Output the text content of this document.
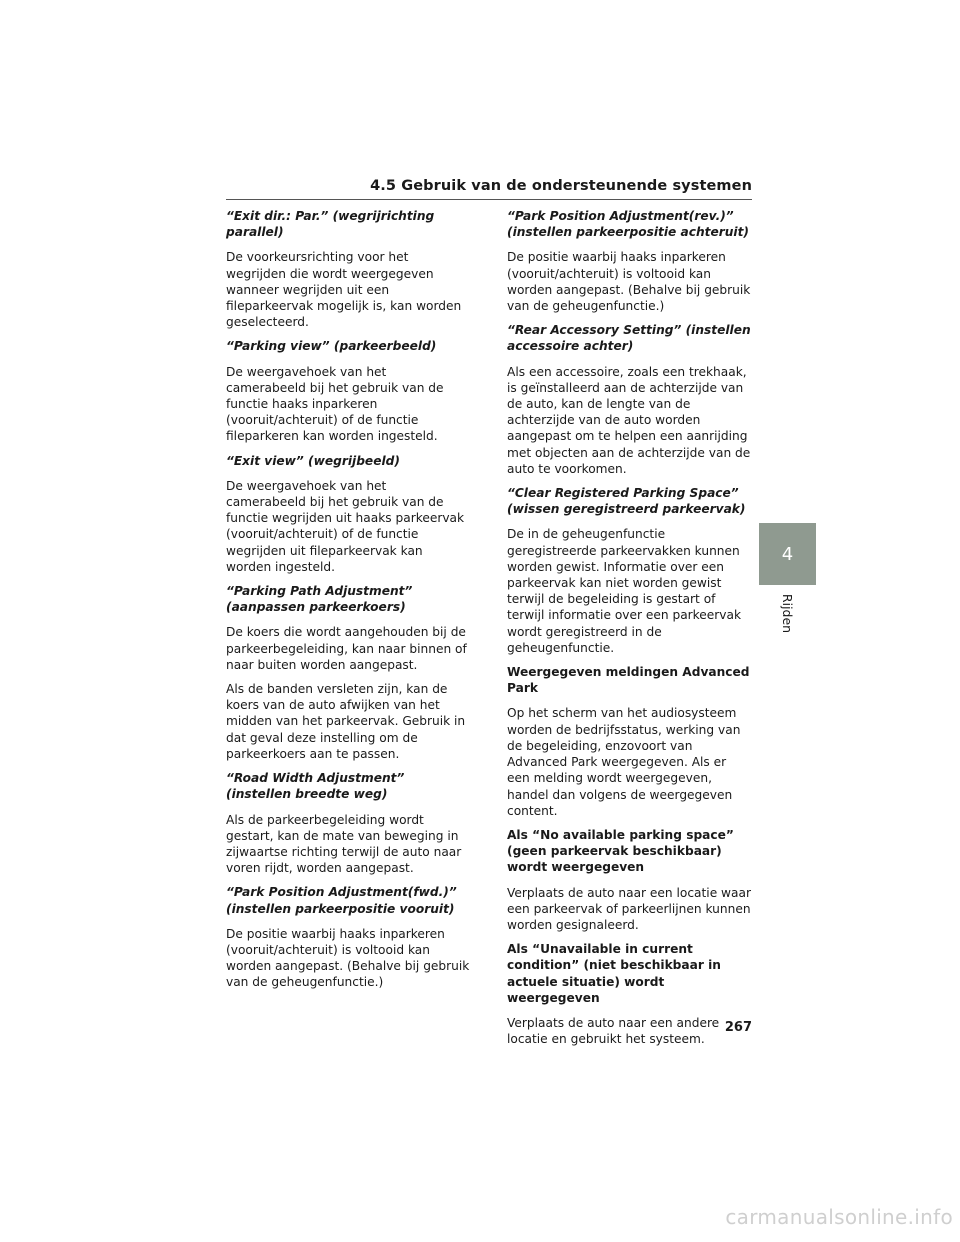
4.5 Gebruik van de ondersteunende systemen

“Exit dir.: Par.” (wegrijrichting parallel)

De voorkeursrichting voor het wegrijden die wordt weergegeven wanneer wegrijden uit een fileparkeervak mogelijk is, kan worden geselecteerd.

“Parking view” (parkeerbeeld)

De weergavehoek van het camerabeeld bij het gebruik van de functie haaks inparkeren (vooruit/achteruit) of de functie fileparkeren kan worden ingesteld.

“Exit view” (wegrijbeeld)

De weergavehoek van het camerabeeld bij het gebruik van de functie wegrijden uit haaks parkeervak (vooruit/achteruit) of de functie wegrijden uit fileparkeervak kan worden ingesteld.

“Parking Path Adjustment” (aanpassen parkeerkoers)

De koers die wordt aangehouden bij de parkeerbegeleiding, kan naar binnen of naar buiten worden aangepast.

Als de banden versleten zijn, kan de koers van de auto afwijken van het midden van het parkeervak. Gebruik in dat geval deze instelling om de parkeerkoers aan te passen.

“Road Width Adjustment” (instellen breedte weg)

Als de parkeerbegeleiding wordt gestart, kan de mate van beweging in zijwaartse richting terwijl de auto naar voren rijdt, worden aangepast.

“Park Position Adjustment(fwd.)” (instellen parkeerpositie vooruit)

De positie waarbij haaks inparkeren (vooruit/achteruit) is voltooid kan worden aangepast. (Behalve bij gebruik van de geheugenfunctie.)

“Park Position Adjustment(rev.)” (instellen parkeerpositie achteruit)

De positie waarbij haaks inparkeren (vooruit/achteruit) is voltooid kan worden aangepast. (Behalve bij gebruik van de geheugenfunctie.)

“Rear Accessory Setting” (instellen accessoire achter)

Als een accessoire, zoals een trekhaak, is geïnstalleerd aan de achterzijde van de auto, kan de lengte van de achterzijde van de auto worden aangepast om te helpen een aanrijding met objecten aan de achterzijde van de auto te voorkomen.

“Clear Registered Parking Space” (wissen geregistreerd parkeervak)

De in de geheugenfunctie geregistreerde parkeervakken kunnen worden gewist. Informatie over een parkeervak kan niet worden gewist terwijl de begeleiding is gestart of terwijl informatie over een parkeervak wordt geregistreerd in de geheugenfunctie.

Weergegeven meldingen Advanced Park

Op het scherm van het audiosysteem worden de bedrijfsstatus, werking van de begeleiding, enzovoort van Advanced Park weergegeven. Als er een melding wordt weergegeven, handel dan volgens de weergegeven content.

Als “No available parking space” (geen parkeervak beschikbaar) wordt weergegeven

Verplaats de auto naar een locatie waar een parkeervak of parkeerlijnen kunnen worden gesignaleerd.

Als “Unavailable in current condition” (niet beschikbaar in actuele situatie) wordt weergegeven

Verplaats de auto naar een andere locatie en gebruikt het systeem.

4
Rijden
267
carmanualsonline.info
